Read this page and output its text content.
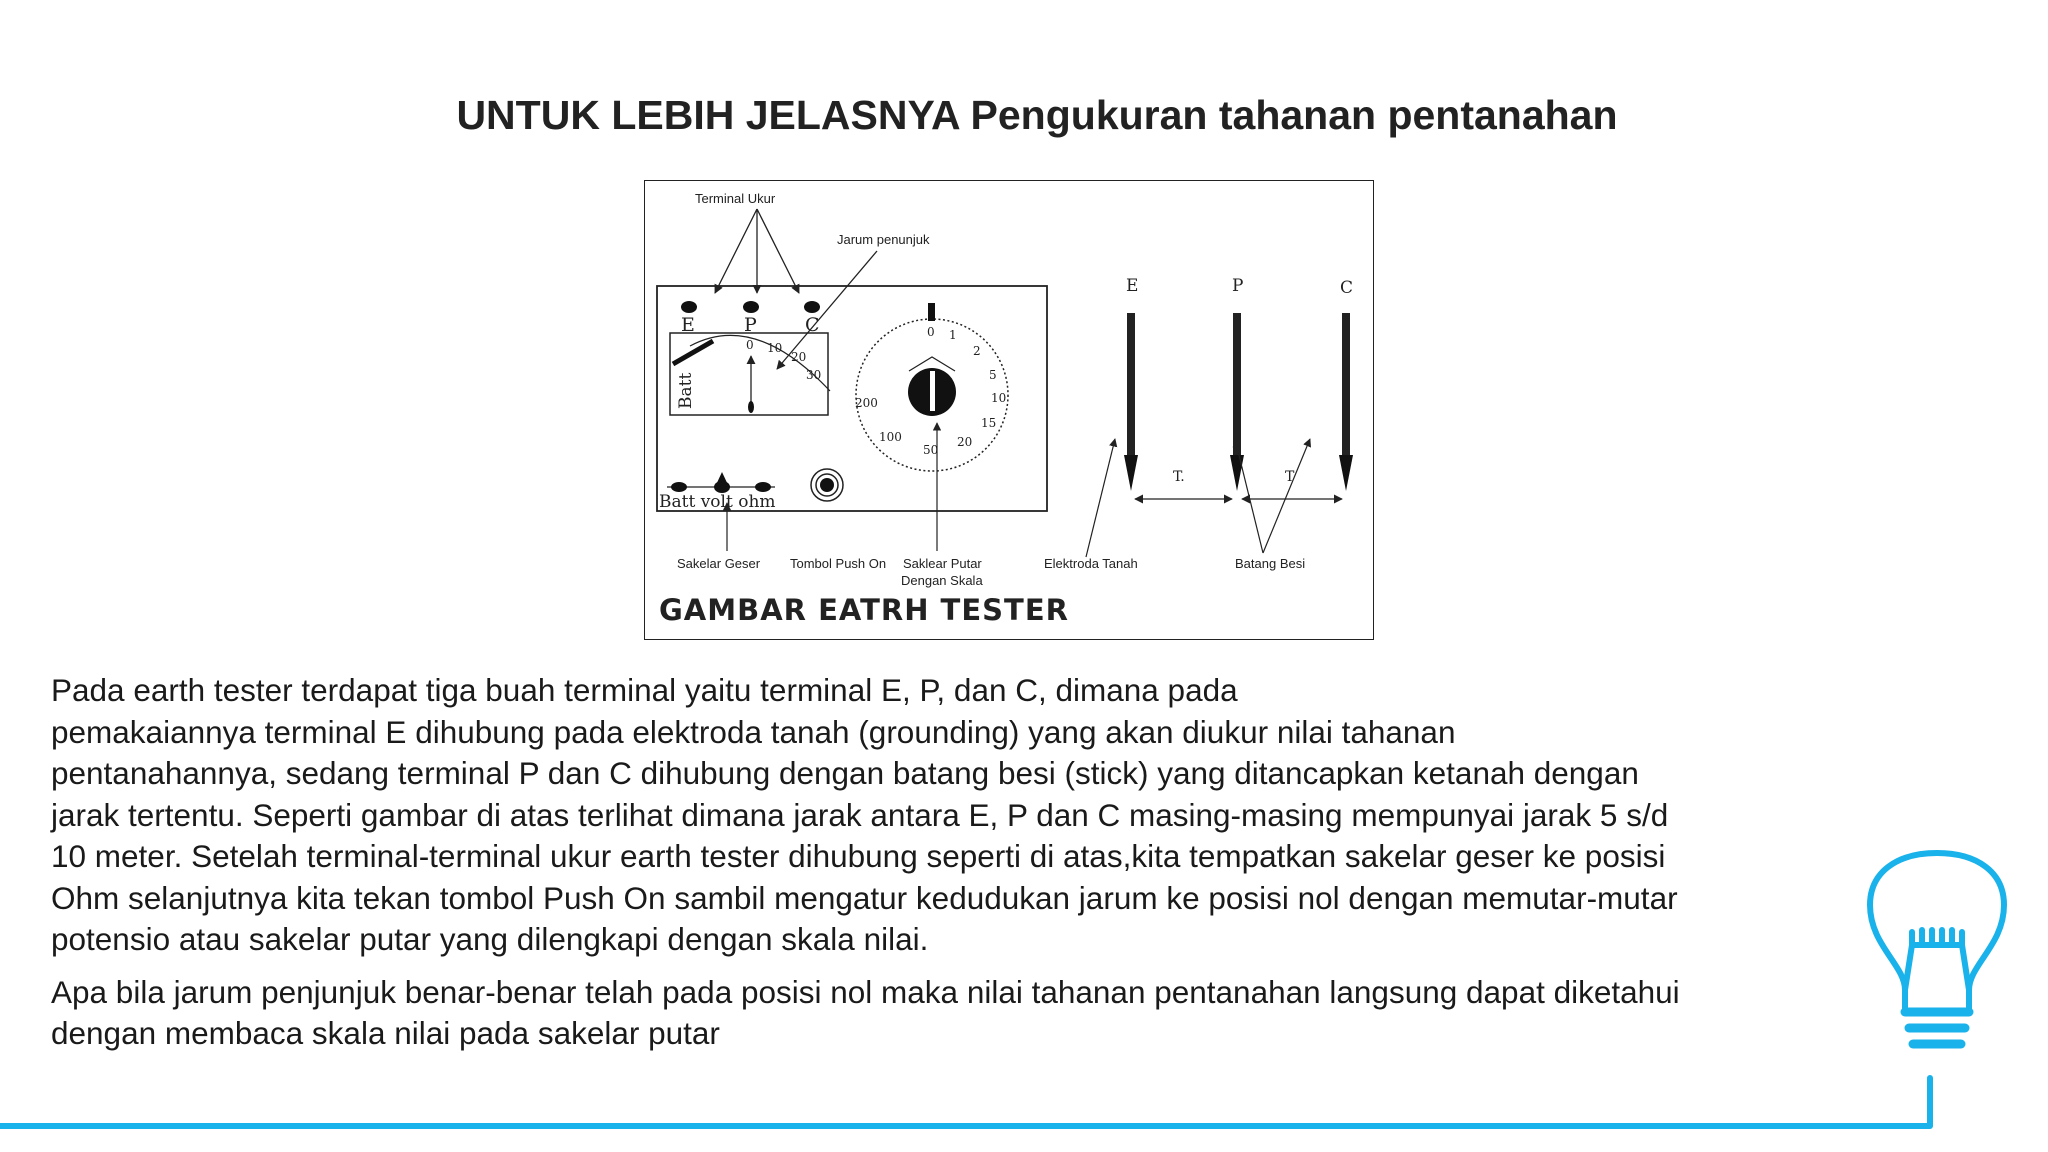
UNTUK LEBIH JELASNYA Pengukuran tahanan pentanahan
Terminal Ukur
Jarum penunjuk
E	P	C
Batt
0 10
20
30
0 1
2
5
10
15
20
50
100
200
Batt volt ohm
Sakelar Geser Tombol Push On Saklear Putar
Dengan Skala
Elektroda Tanah	Batang Besi
E	P	C
T.	T
GAMBAR EATRH TESTER

Pada earth tester terdapat tiga buah terminal yaitu terminal E, P, dan C, dimana pada
pemakaiannya terminal E dihubung pada elektroda tanah (grounding) yang akan diukur nilai tahanan
pentanahannya, sedang terminal P dan C dihubung dengan batang besi (stick) yang ditancapkan ketanah dengan
jarak tertentu. Seperti gambar di atas terlihat dimana jarak antara E, P dan C masing-masing mempunyai jarak 5 s/d
10 meter. Setelah terminal-terminal ukur earth tester dihubung seperti di atas,kita tempatkan sakelar geser ke posisi
Ohm selanjutnya kita tekan tombol Push On sambil mengatur kedudukan jarum ke posisi nol dengan memutar-mutar
potensio atau sakelar putar yang dilengkapi dengan skala nilai.

Apa bila jarum penjunjuk benar-benar telah pada posisi nol maka nilai tahanan pentanahan langsung dapat diketahui
dengan membaca skala nilai pada sakelar putar
